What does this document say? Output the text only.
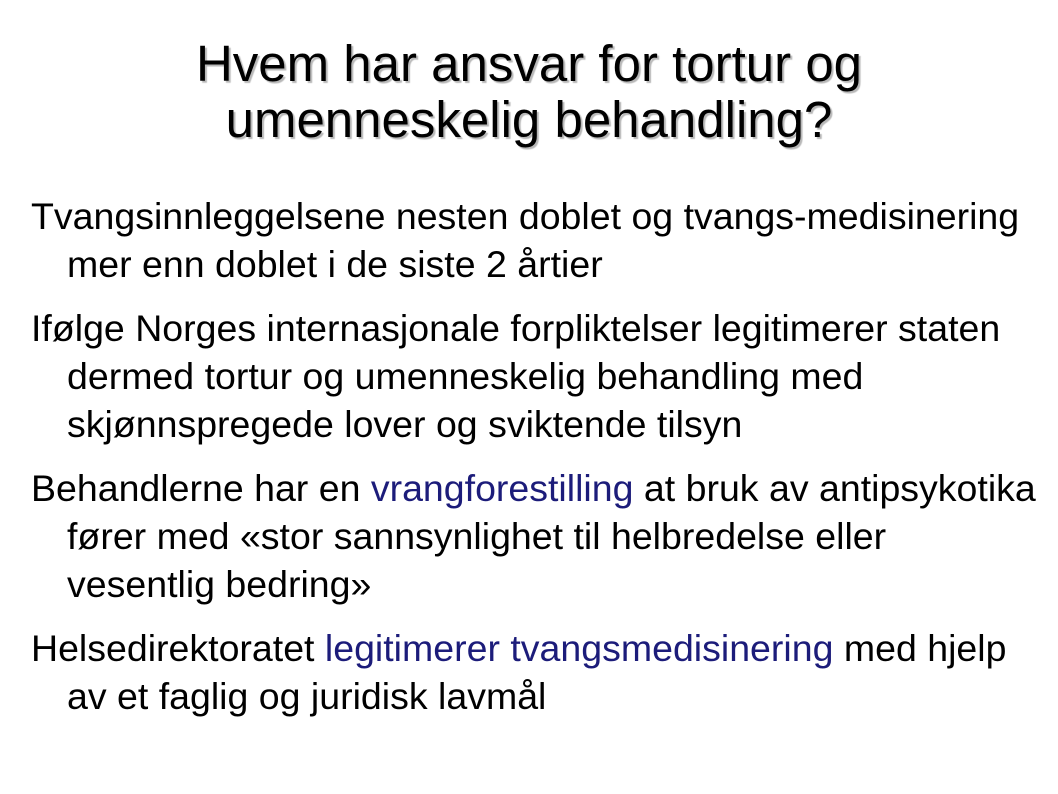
Hvem har ansvar for tortur og
umenneskelig behandling?

Tvangsinnleggelsene nesten doblet og tvangs-medisinering mer enn doblet i de siste 2 årtier

Ifølge Norges internasjonale forpliktelser legitimerer staten dermed tortur og umenneskelig behandling med skjønnspregede lover og sviktende tilsyn

Behandlerne har en vrangforestilling at bruk av antipsykotika fører med «stor sannsynlighet til helbredelse eller vesentlig bedring»

Helsedirektoratet legitimerer tvangsmedisinering med hjelp av et faglig og juridisk lavmål
